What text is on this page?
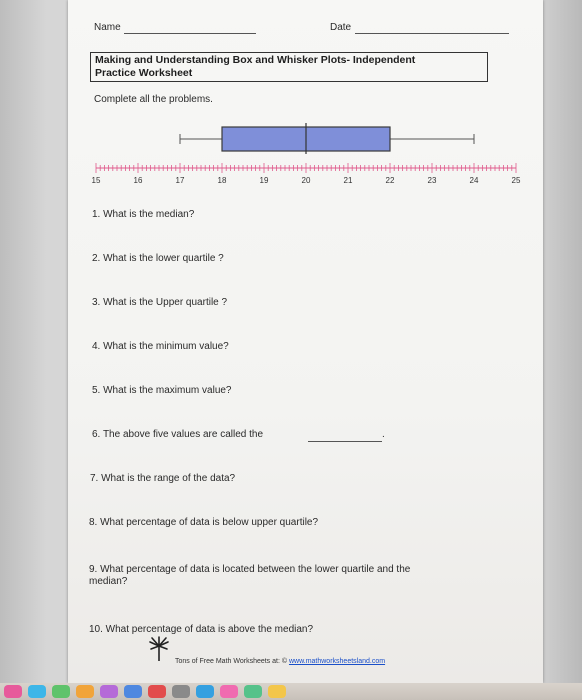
Name	Date
Making and Understanding Box and Whisker Plots- Independent
Practice Worksheet
Complete all the problems.
15	16	17	18	19	20	21	22	23	24	25
1. What is the median?
2. What is the lower quartile ?
3. What is the Upper quartile ?
4. What is the minimum value?
5. What is the maximum value?
6. The above five values are called the	.
7. What is the range of the data?
8. What percentage of data is below upper quartile?
9. What percentage of data is located between the lower quartile and the
median?
10. What percentage of data is above the median?
Tons of Free Math Worksheets at: © www.mathworksheetsland.com
